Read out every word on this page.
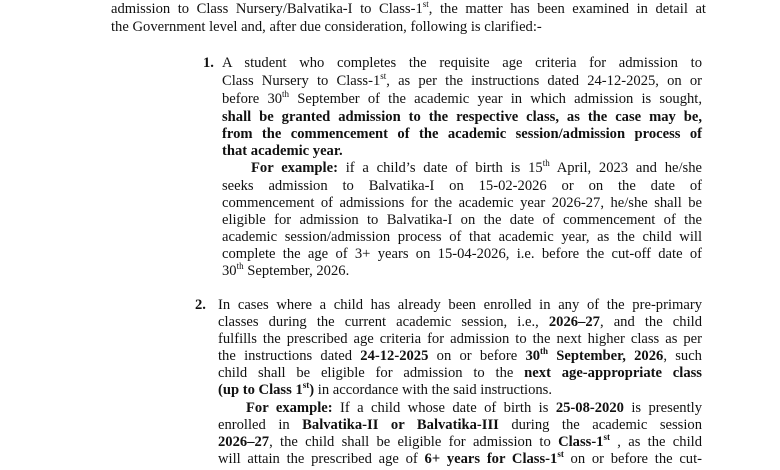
admission to Class Nursery/Balvatika-I to Class-1st, the matter has been examined in detail at
the Government level and, after due consideration, following is clarified:-
1. A student who completes the requisite age criteria for admission to
Class Nursery to Class-1st, as per the instructions dated 24-12-2025, on or
before 30th September of the academic year in which admission is sought,
shall be granted admission to the respective class, as the case may be,
from the commencement of the academic session/admission process of
that academic year.
For example: if a child’s date of birth is 15th April, 2023 and he/she
seeks admission to Balvatika-I on 15-02-2026 or on the date of
commencement of admissions for the academic year 2026-27, he/she shall be
eligible for admission to Balvatika-I on the date of commencement of the
academic session/admission process of that academic year, as the child will
complete the age of 3+ years on 15-04-2026, i.e. before the cut-off date of
30th September, 2026.
2. In cases where a child has already been enrolled in any of the pre-primary
classes during the current academic session, i.e., 2026–27, and the child
fulfills the prescribed age criteria for admission to the next higher class as per
the instructions dated 24-12-2025 on or before 30th September, 2026, such
child shall be eligible for admission to the next age-appropriate class
(up to Class 1st) in accordance with the said instructions.
For example: If a child whose date of birth is 25-08-2020 is presently
enrolled in Balvatika-II or Balvatika-III during the academic session
2026–27, the child shall be eligible for admission to Class-1st , as the child
will attain the prescribed age of 6+ years for Class-1st on or before the cut-
